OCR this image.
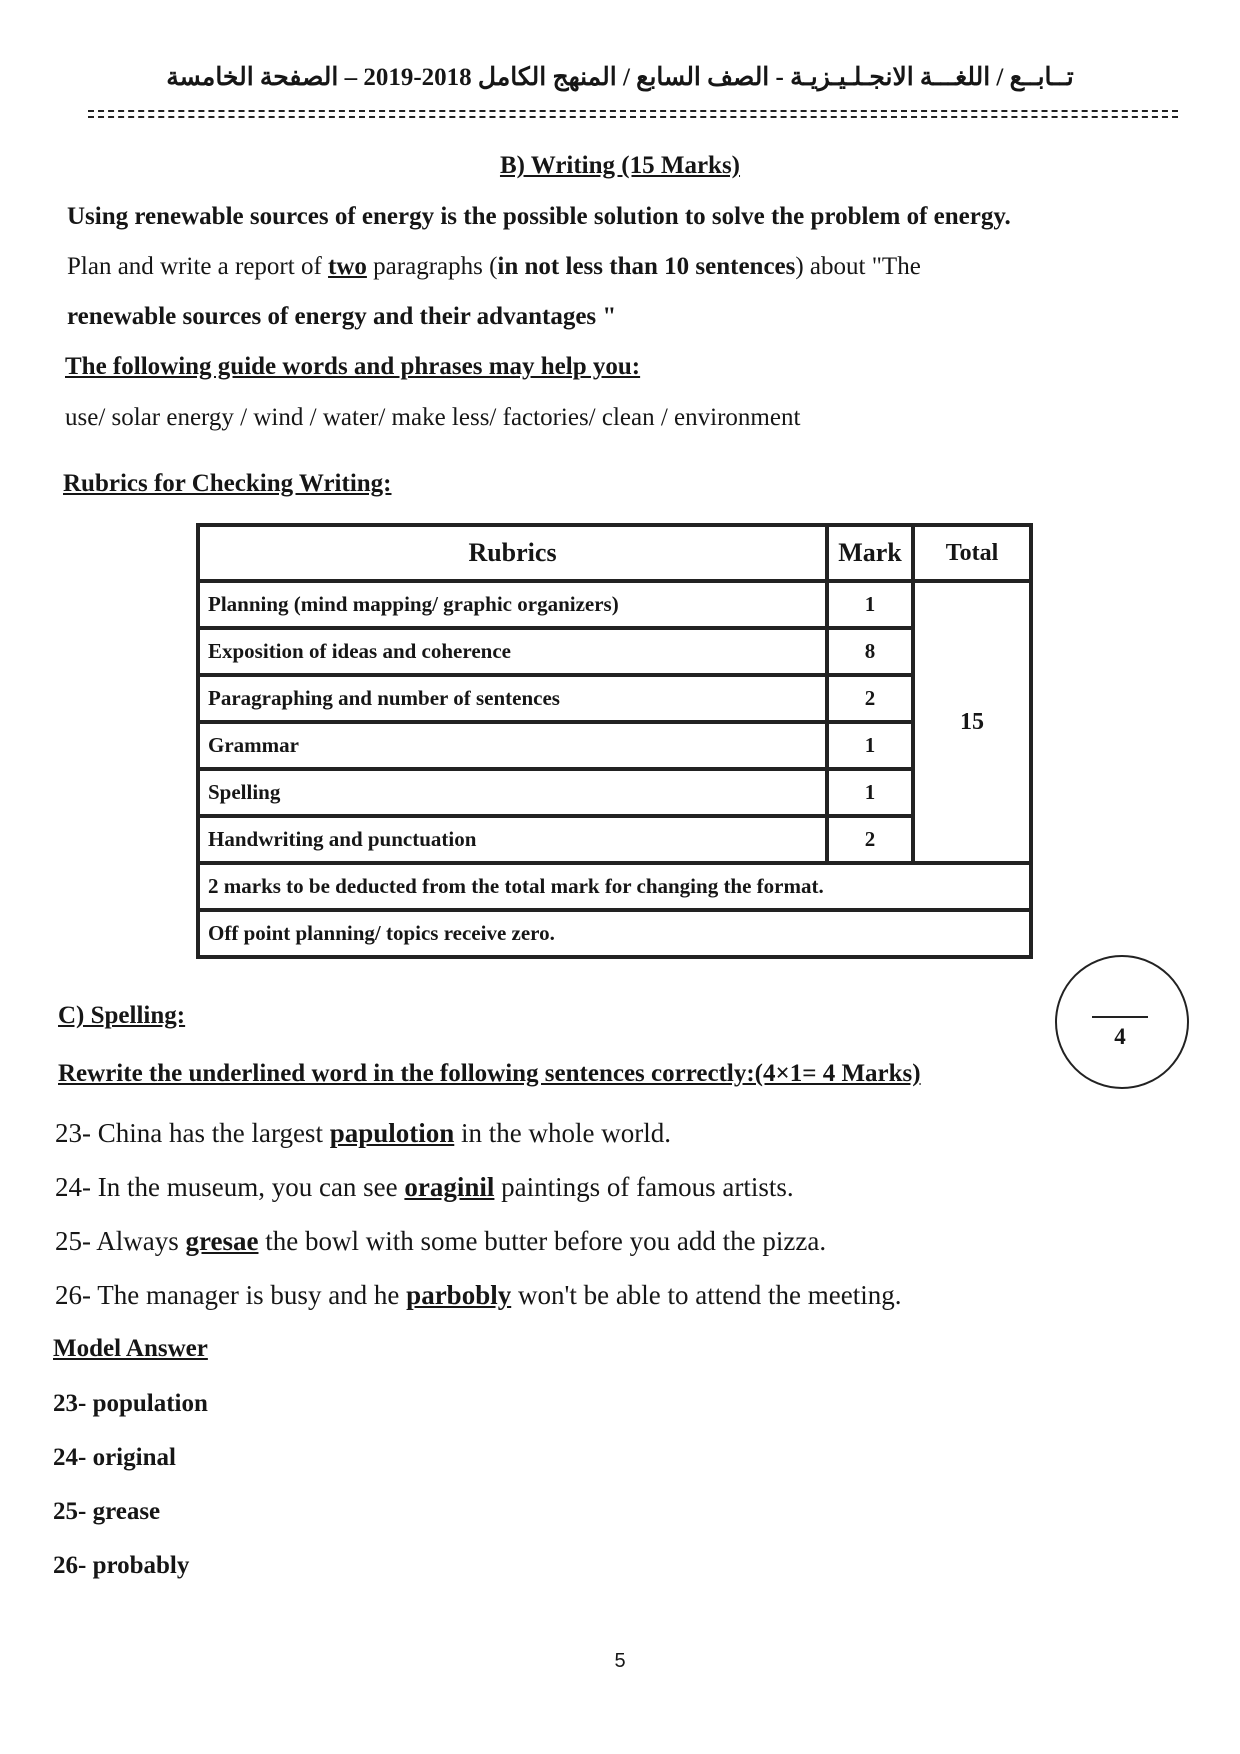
تــابــع / اللغـــة الانجـلـيـزيـة - الصف السابع / المنهج الكامل 2018-2019 – الصفحة الخامسة
B) Writing (15 Marks)
Using renewable sources of energy is the possible solution to solve the problem of energy.
Plan and write a report of two paragraphs (in not less than 10 sentences) about "The
renewable sources of energy and their advantages "
The following guide words and phrases may help you:
use/ solar energy / wind / water/ make less/ factories/ clean / environment
Rubrics for Checking Writing:
Rubrics	Mark	Total
Planning (mind mapping/ graphic organizers)	1	15
Exposition of ideas and coherence	8	
Paragraphing and number of sentences	2	
Grammar	1	
Spelling	1	
Handwriting and punctuation	2	
2 marks to be deducted from the total mark for changing the format.		
Off point planning/ topics receive zero.		
4
C) Spelling:
Rewrite the underlined word in the following sentences correctly:(4×1= 4 Marks)
23- China has the largest papulotion in the whole world.
24- In the museum, you can see oraginil paintings of famous artists.
25- Always gresae the bowl with some butter before you add the pizza.
26- The manager is busy and he parbobly won't be able to attend the meeting.
Model Answer
23- population
24- original
25- grease
26- probably
5
